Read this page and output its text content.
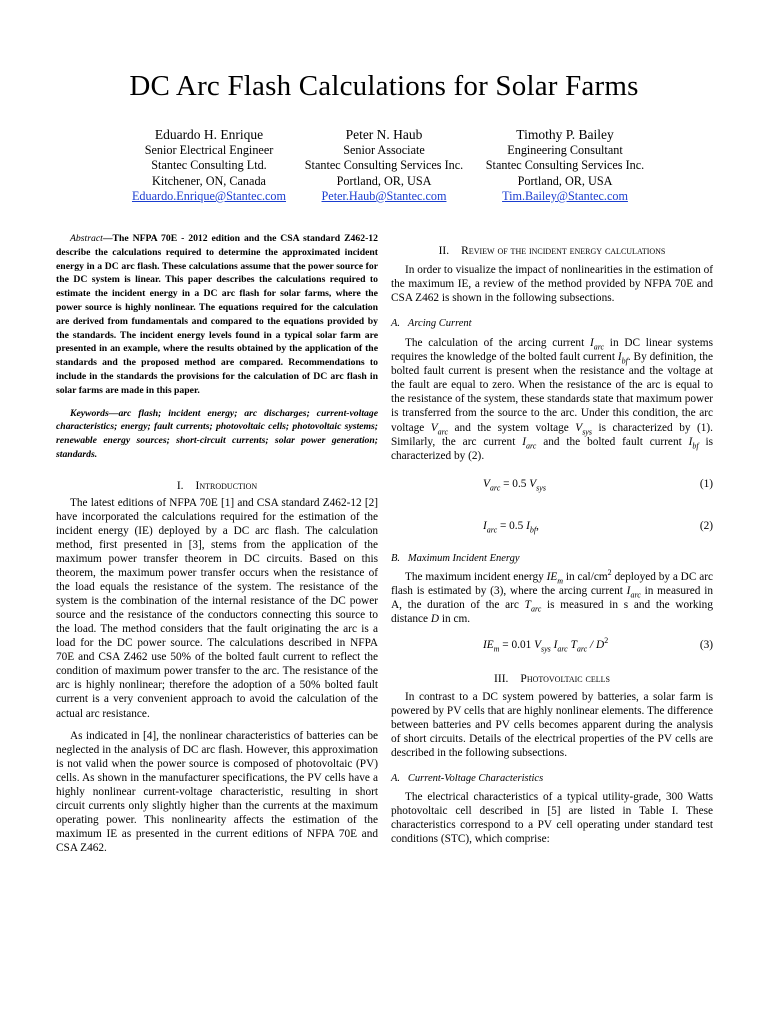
DC Arc Flash Calculations for Solar Farms
Eduardo H. Enrique
Senior Electrical Engineer
Stantec Consulting Ltd.
Kitchener, ON, Canada
Eduardo.Enrique@Stantec.com
Peter N. Haub
Senior Associate
Stantec Consulting Services Inc.
Portland, OR, USA
Peter.Haub@Stantec.com
Timothy P. Bailey
Engineering Consultant
Stantec Consulting Services Inc.
Portland, OR, USA
Tim.Bailey@Stantec.com

Abstract—The NFPA 70E - 2012 edition and the CSA standard Z462-12 describe the calculations required to determine the approximated incident energy in a DC arc flash. These calculations assume that the power source for the DC system is linear. This paper describes the calculations required to estimate the incident energy in a DC arc flash for solar farms, where the power source is highly nonlinear. The equations required for the calculation are derived from fundamentals and compared to the equations provided by the standards. The incident energy levels found in a typical solar farm are presented in an example, where the results obtained by the application of the standards and the proposed method are compared. Recommendations to include in the standards the provisions for the calculation of DC arc flash in solar farms are made in this paper.

Keywords—arc flash; incident energy; arc discharges; current-voltage characteristics; energy; fault currents; photovoltaic cells; photovoltaic systems; renewable energy sources; short-circuit currents; solar power generation; standards.

I. Introduction

The latest editions of NFPA 70E [1] and CSA standard Z462-12 [2] have incorporated the calculations required for the estimation of the incident energy (IE) deployed by a DC arc flash. The calculation method, first presented in [3], stems from the application of the maximum power transfer theorem in DC circuits. Based on this theorem, the maximum power transfer occurs when the resistance of the load equals the resistance of the system. The resistance of the system is the combination of the internal resistance of the DC power source and the resistance of the conductors connecting this source to the load. The method considers that the fault originating the arc is a load for the DC power source. The calculations described in NFPA 70E and CSA Z462 use 50% of the bolted fault current to reflect the condition of maximum power transfer to the arc. The resistance of the arc is highly nonlinear; therefore the adoption of a 50% bolted fault current is a very convenient approach to avoid the calculation of the actual arc resistance.

As indicated in [4], the nonlinear characteristics of batteries can be neglected in the analysis of DC arc flash. However, this approximation is not valid when the power source is composed of photovoltaic (PV) cells. As shown in the manufacturer specifications, the PV cells have a highly nonlinear current-voltage characteristic, resulting in short circuit currents only slightly higher than the currents at the maximum operating power. This nonlinearity affects the estimation of the maximum IE as presented in the current editions of NFPA 70E and CSA Z462.

II. Review of the incident energy calculations

In order to visualize the impact of nonlinearities in the estimation of the maximum IE, a review of the method provided by NFPA 70E and CSA Z462 is shown in the following subsections.

A. Arcing Current

The calculation of the arcing current $I_{arc}$ in DC linear systems requires the knowledge of the bolted fault current $I_{bf}$. By definition, the bolted fault current is present when the resistance and the voltage at the fault are equal to zero. When the resistance of the arc is equal to the resistance of the system, these standards state that maximum power is transferred from the source to the arc. Under this condition, the arc voltage $V_{arc}$ and the system voltage $V_{sys}$ is characterized by (1). Similarly, the arc current $I_{arc}$ and the bolted fault current $I_{bf}$ is characterized by (2).

$V_{arc} = 0.5$ $V_{sys}$	(1)
$I_{arc} = 0.5$ $I_{bf}$,	(2)

B. Maximum Incident Energy

The maximum incident energy $IE_m$ in cal/$cm^2$ deployed by a DC arc flash is estimated by (3), where the arcing current $I_{arc}$ in measured in A, the duration of the arc $T_{arc}$ is measured in s and the working distance D in cm.

$IE_m = 0.01$ $V_{sys}$ $I_{arc}$ $T_{arc} / D^2$	(3)

III. Photovoltaic cells

In contrast to a DC system powered by batteries, a solar farm is powered by PV cells that are highly nonlinear elements. The difference between batteries and PV cells becomes apparent during the analysis of short circuits. Details of the electrical properties of the PV cells are described in the following subsections.

A. Current-Voltage Characteristics

The electrical characteristics of a typical utility-grade, 300 Watts photovoltaic cell described in [5] are listed in Table I. These characteristics correspond to a PV cell operating under standard test conditions (STC), which comprise:
